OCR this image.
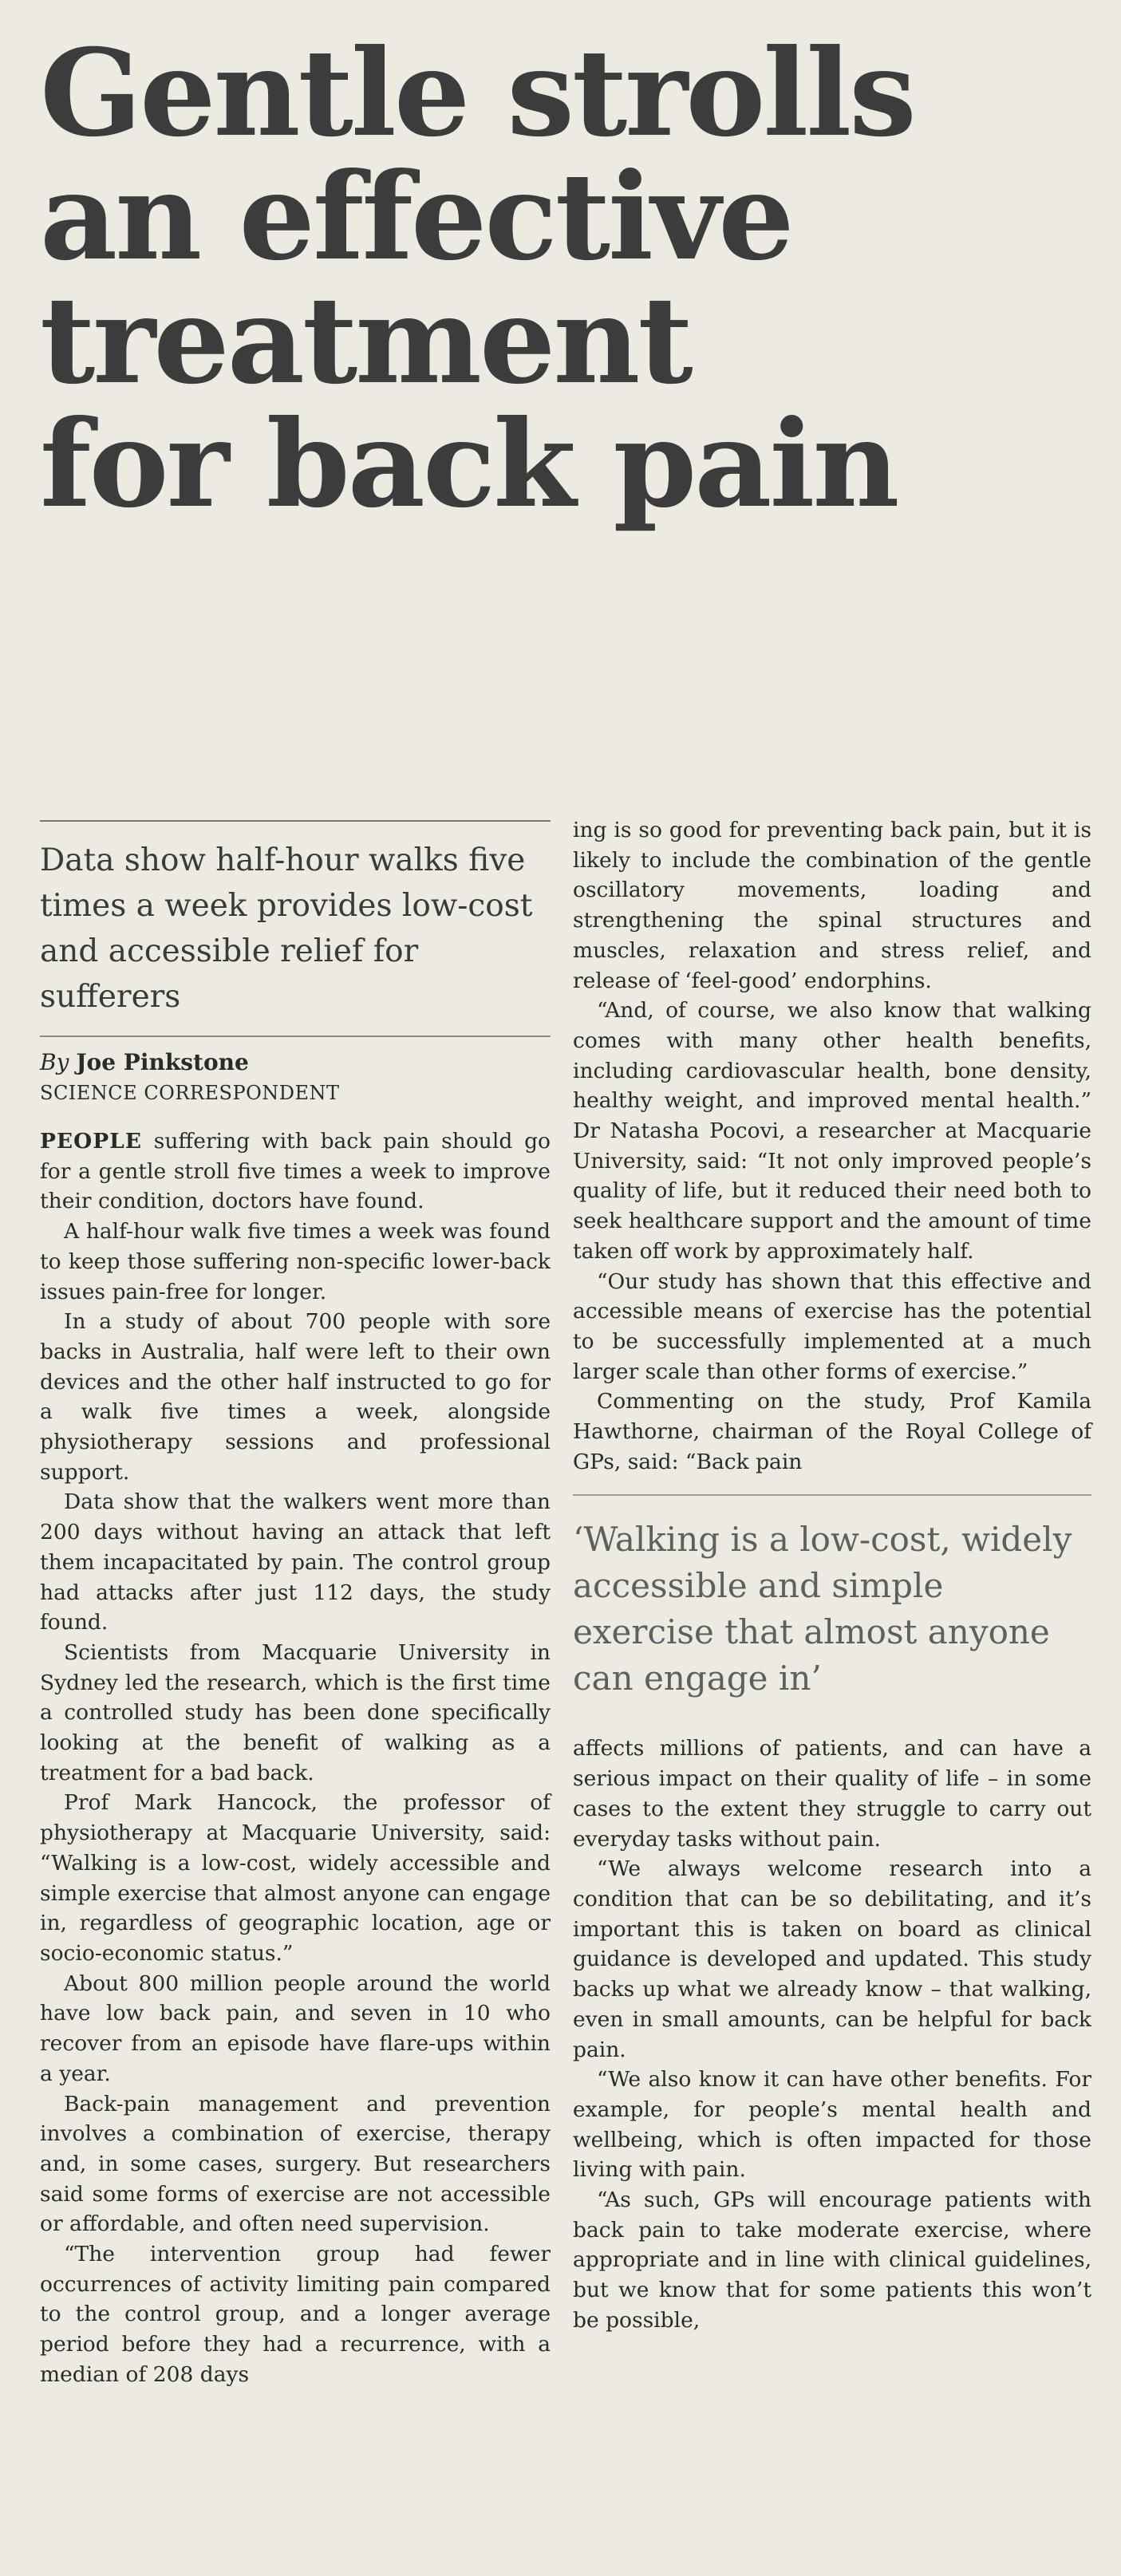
Gentle strolls
an effective
treatment
for back pain

Data show half-hour walks five times a week provides low-cost and accessible relief for sufferers

By Joe Pinkstone

SCIENCE CORRESPONDENT

PEOPLE suffering with back pain should go for a gentle stroll five times a week to improve their condition, doctors have found.

A half-hour walk five times a week was found to keep those suffering non-specific lower-back issues pain-free for longer.

In a study of about 700 people with sore backs in Australia, half were left to their own devices and the other half instructed to go for a walk five times a week, alongside physiotherapy sessions and professional support.

Data show that the walkers went more than 200 days without having an attack that left them incapacitated by pain. The control group had attacks after just 112 days, the study found.

Scientists from Macquarie University in Sydney led the research, which is the first time a controlled study has been done specifically looking at the benefit of walking as a treatment for a bad back.

Prof Mark Hancock, the professor of physiotherapy at Macquarie University, said: “Walking is a low-cost, widely accessible and simple exercise that almost anyone can engage in, regardless of geographic location, age or socio-economic status.”

About 800 million people around the world have low back pain, and seven in 10 who recover from an episode have flare-ups within a year.

Back-pain management and prevention involves a combination of exercise, therapy and, in some cases, surgery. But researchers said some forms of exercise are not accessible or affordable, and often need supervision.

“The intervention group had fewer occurrences of activity limiting pain compared to the control group, and a longer average period before they had a recurrence, with a median of 208 days

ing is so good for preventing back pain, but it is likely to include the combination of the gentle oscillatory movements, loading and strengthening the spinal structures and muscles, relaxation and stress relief, and release of ‘feel-good’ endorphins.

“And, of course, we also know that walking comes with many other health benefits, including cardiovascular health, bone density, healthy weight, and improved mental health.” Dr Natasha Pocovi, a researcher at Macquarie University, said: “It not only improved people’s quality of life, but it reduced their need both to seek healthcare support and the amount of time taken off work by approximately half.

“Our study has shown that this effective and accessible means of exercise has the potential to be successfully implemented at a much larger scale than other forms of exercise.”

Commenting on the study, Prof Kamila Hawthorne, chairman of the Royal College of GPs, said: “Back pain

‘Walking is a low-cost, widely accessible and simple exercise that almost anyone can engage in’

affects millions of patients, and can have a serious impact on their quality of life – in some cases to the extent they struggle to carry out everyday tasks without pain.

“We always welcome research into a condition that can be so debilitating, and it’s important this is taken on board as clinical guidance is developed and updated. This study backs up what we already know – that walking, even in small amounts, can be helpful for back pain.

“We also know it can have other benefits. For example, for people’s mental health and wellbeing, which is often impacted for those living with pain.

“As such, GPs will encourage patients with back pain to take moderate exercise, where appropriate and in line with clinical guidelines, but we know that for some patients this won’t be possible,
